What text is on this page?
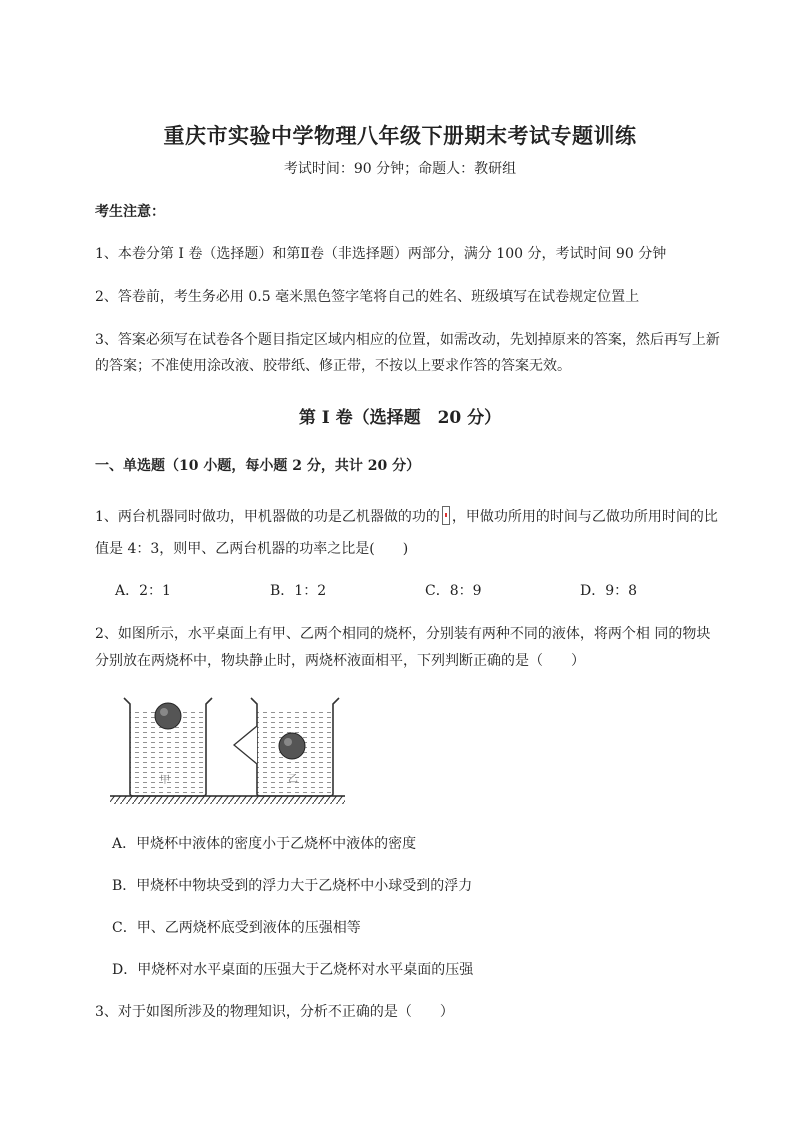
重庆市实验中学物理八年级下册期末考试专题训练
考试时间：90 分钟；命题人：教研组
考生注意：
1、本卷分第 I 卷（选择题）和第Ⅱ卷（非选择题）两部分，满分 100 分，考试时间 90 分钟
2、答卷前，考生务必用 0.5 毫米黑色签字笔将自己的姓名、班级填写在试卷规定位置上
3、答案必须写在试卷各个题目指定区域内相应的位置，如需改动，先划掉原来的答案，然后再写上新
的答案；不准使用涂改液、胶带纸、修正带，不按以上要求作答的答案无效。
第 I 卷（选择题　20 分）
一、单选题（10 小题，每小题 2 分，共计 20 分）
1、两台机器同时做功，甲机器做的功是乙机器做的功的 ，甲做功所用的时间与乙做功所用时间的比
值是 4：3，则甲、乙两台机器的功率之比是(　　)
A．2：1	B．1：2	C．8：9	D．9：8
2、如图所示，水平桌面上有甲、乙两个相同的烧杯，分别装有两种不同的液体，将两个相 同的物块
分别放在两烧杯中，物块静止时，两烧杯液面相平，下列判断正确的是（　　）
甲	乙
A．甲烧杯中液体的密度小于乙烧杯中液体的密度
B．甲烧杯中物块受到的浮力大于乙烧杯中小球受到的浮力
C．甲、乙两烧杯底受到液体的压强相等
D．甲烧杯对水平桌面的压强大于乙烧杯对水平桌面的压强
3、对于如图所涉及的物理知识，分析不正确的是（　　）
